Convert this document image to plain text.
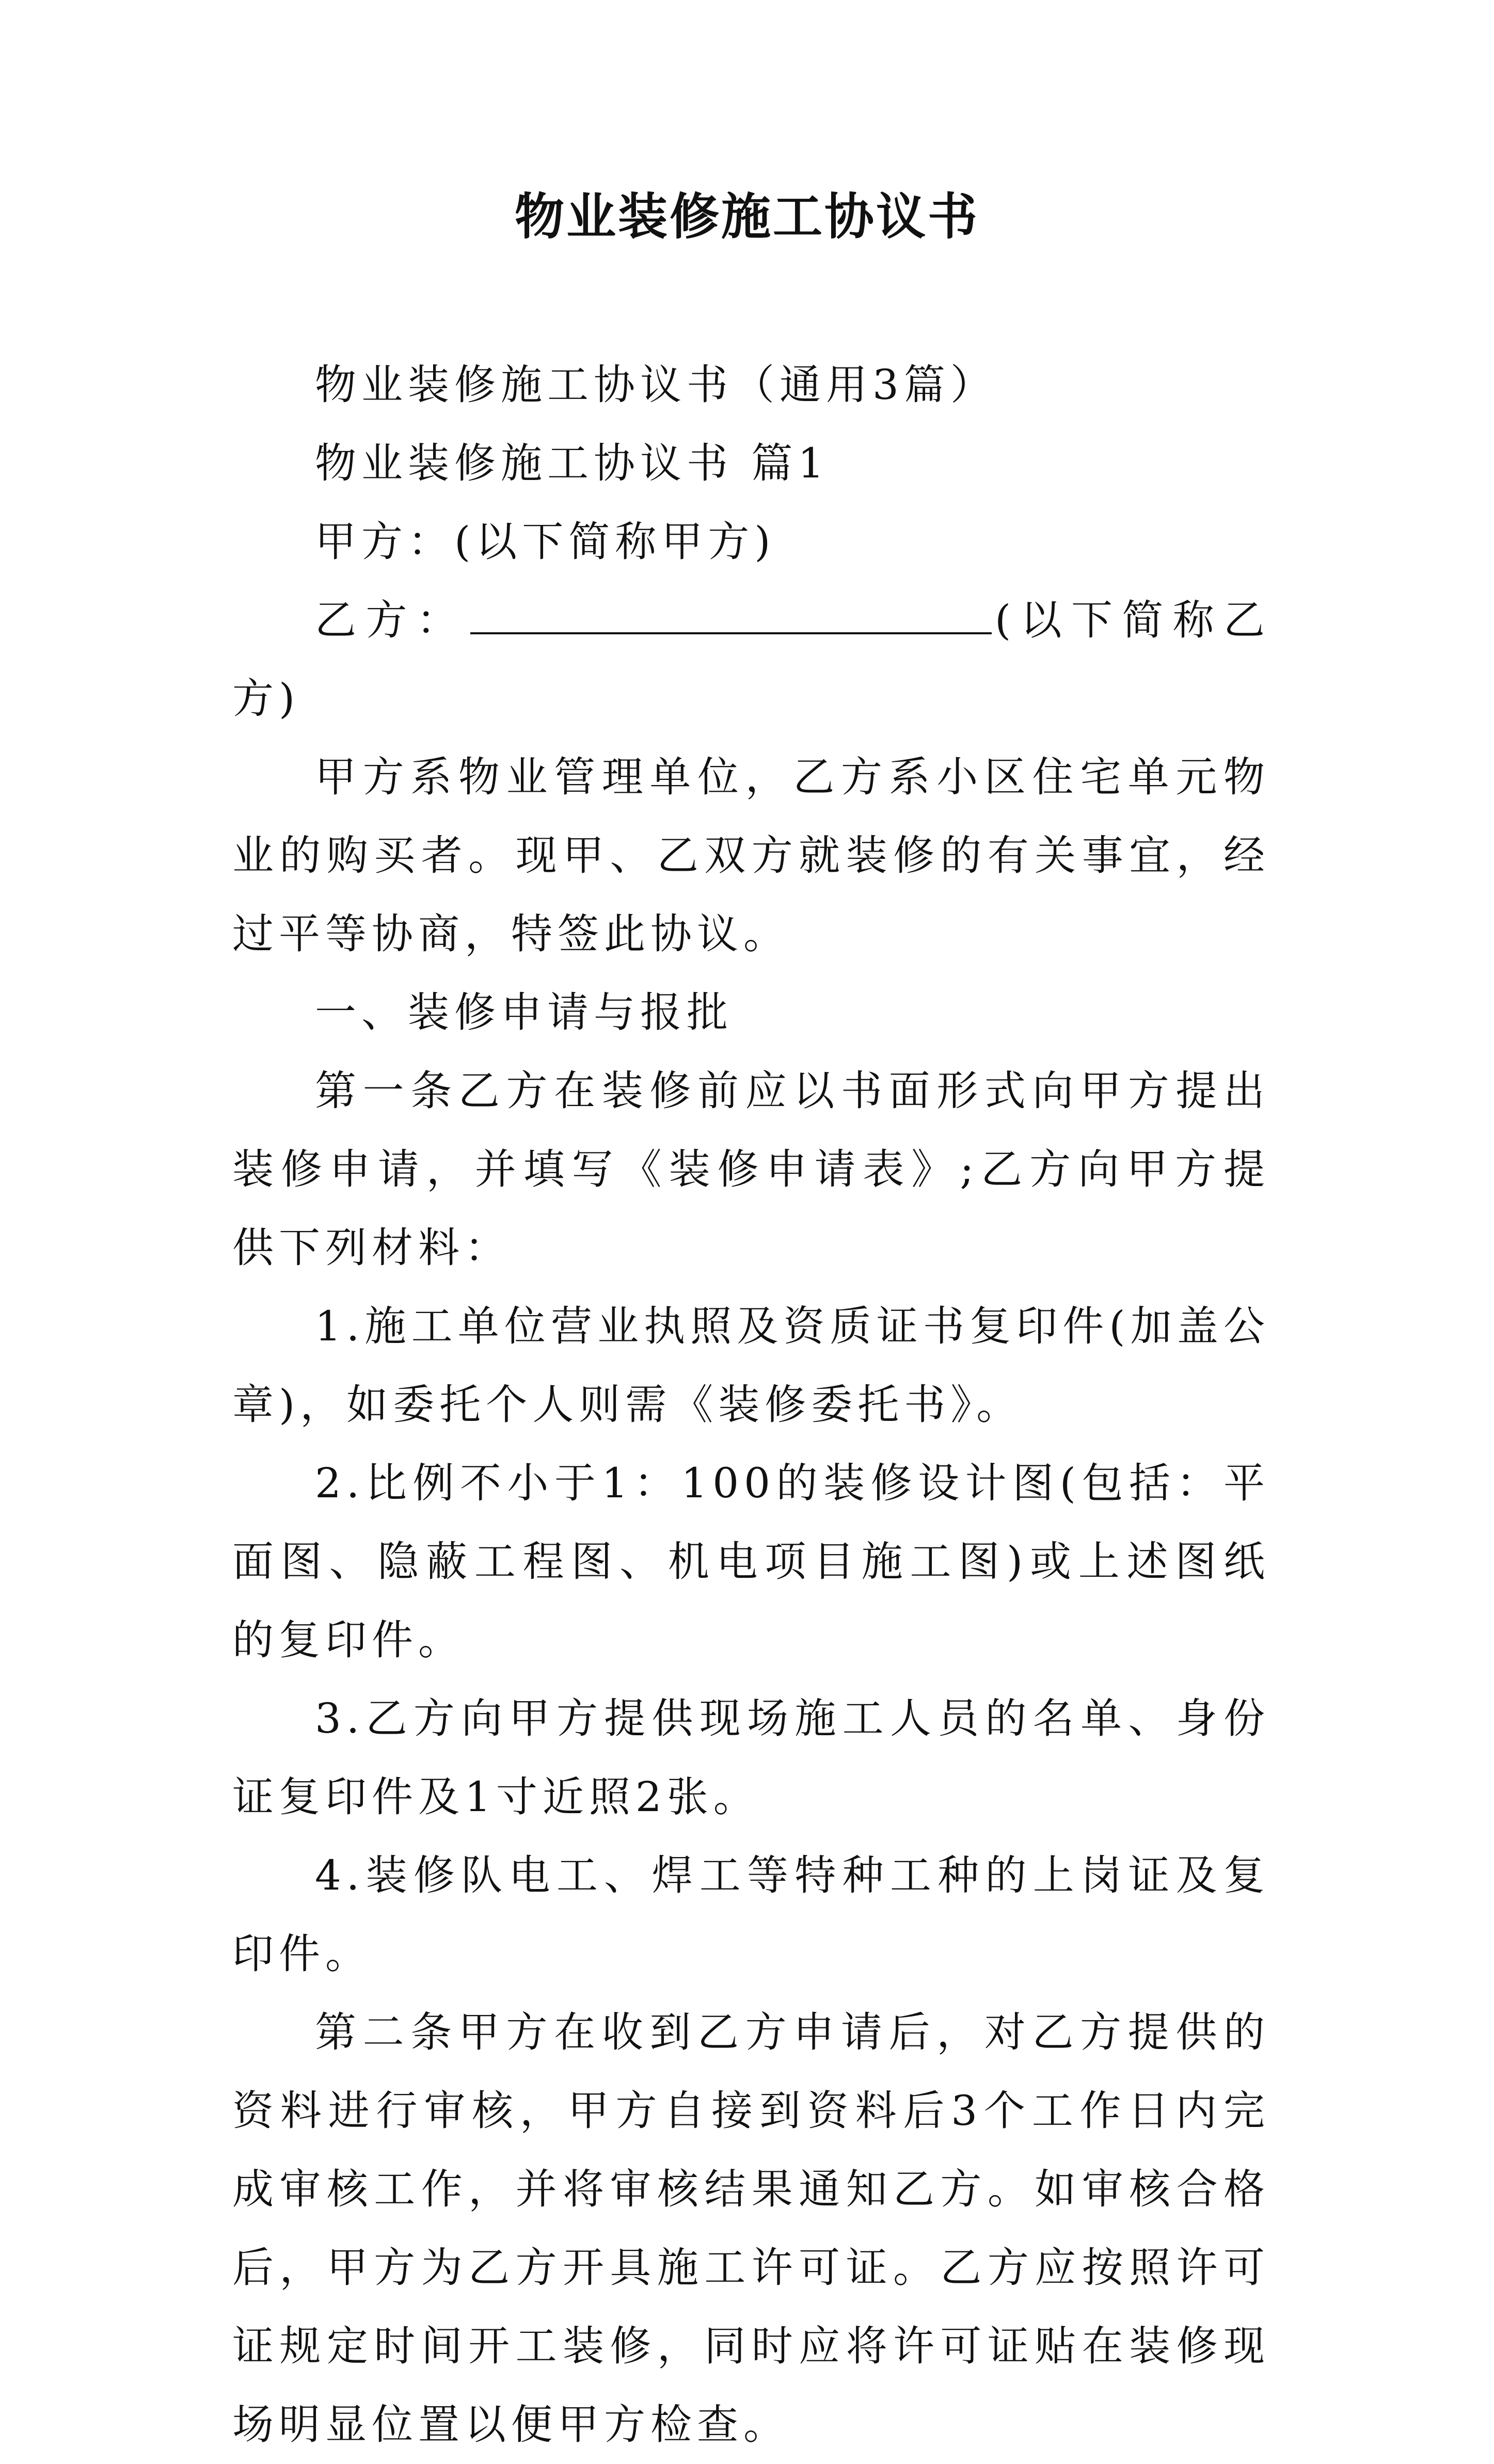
物业装修施工协议书

物业装修施工协议书（通用3篇）

物业装修施工协议书 篇1

甲方：(以下简称甲方)

乙方：	(以下简称乙方)

甲方系物业管理单位，乙方系小区住宅单元物业的购买者。现甲、乙双方就装修的有关事宜，经过平等协商，特签此协议。

一、装修申请与报批

第一条乙方在装修前应以书面形式向甲方提出装修申请，并填写《装修申请表》;乙方向甲方提供下列材料：

1.施工单位营业执照及资质证书复印件(加盖公章)，如委托个人则需《装修委托书》。

2.比例不小于1：100的装修设计图(包括：平面图、隐蔽工程图、机电项目施工图)或上述图纸的复印件。

3.乙方向甲方提供现场施工人员的名单、身份证复印件及1寸近照2张。

4.装修队电工、焊工等特种工种的上岗证及复印件。

第二条甲方在收到乙方申请后，对乙方提供的资料进行审核，甲方自接到资料后3个工作日内完成审核工作，并将审核结果通知乙方。如审核合格后，甲方为乙方开具施工许可证。乙方应按照许可证规定时间开工装修，同时应将许可证贴在装修现场明显位置以便甲方检查。
